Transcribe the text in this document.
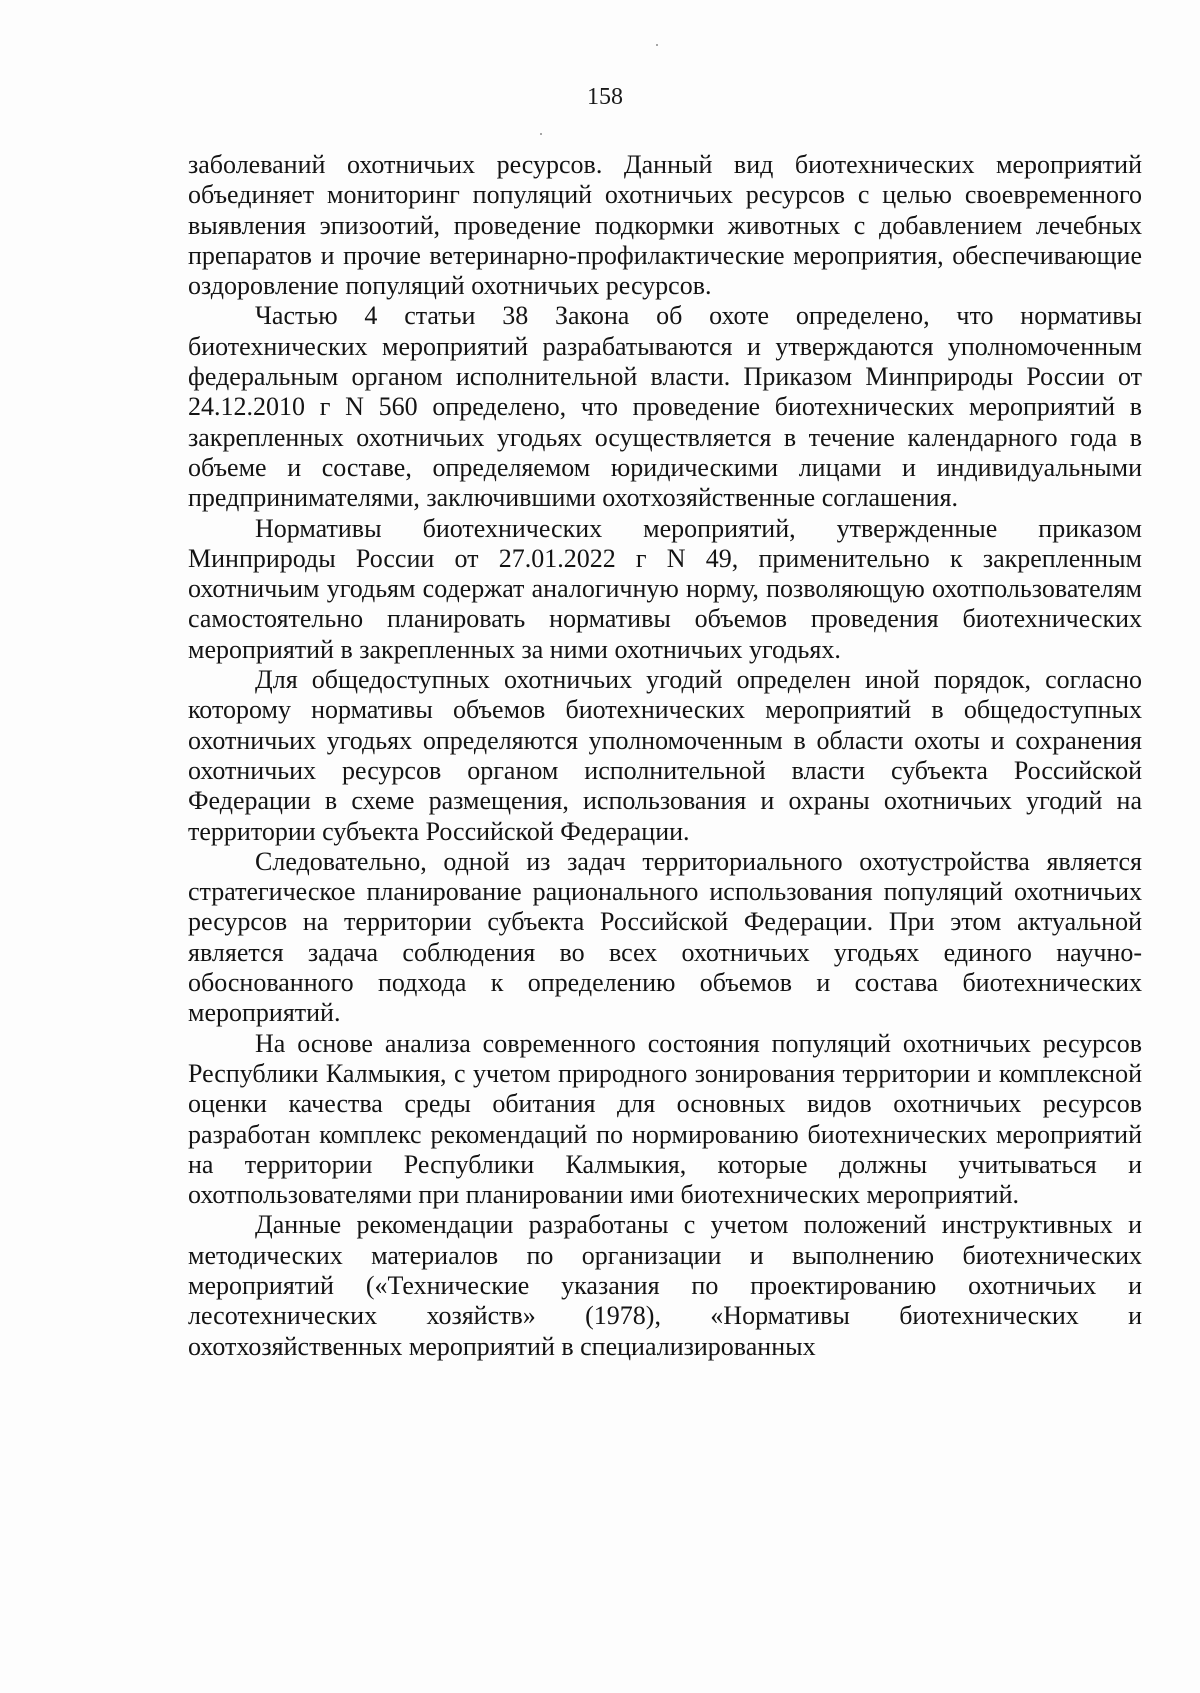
158

заболеваний охотничьих ресурсов. Данный вид биотехнических мероприятий объединяет мониторинг популяций охотничьих ресурсов с целью своевременного выявления эпизоотий, проведение подкормки животных с добавлением лечебных препаратов и прочие ветеринарно-профилактические мероприятия, обеспечивающие оздоровление популяций охотничьих ресурсов.

Частью 4 статьи 38 Закона об охоте определено, что нормативы биотехнических мероприятий разрабатываются и утверждаются уполномоченным федеральным органом исполнительной власти. Приказом Минприроды России от 24.12.2010 г N 560 определено, что проведение биотехнических мероприятий в закрепленных охотничьих угодьях осуществляется в течение календарного года в объеме и составе, определяемом юридическими лицами и индивидуальными предпринимателями, заключившими охотхозяйственные соглашения.

Нормативы биотехнических мероприятий, утвержденные приказом Минприроды России от 27.01.2022 г N 49, применительно к закрепленным охотничьим угодьям содержат аналогичную норму, позволяющую охотпользователям самостоятельно планировать нормативы объемов проведения биотехнических мероприятий в закрепленных за ними охотничьих угодьях.

Для общедоступных охотничьих угодий определен иной порядок, согласно которому нормативы объемов биотехнических мероприятий в общедоступных охотничьих угодьях определяются уполномоченным в области охоты и сохранения охотничьих ресурсов органом исполнительной власти субъекта Российской Федерации в схеме размещения, использования и охраны охотничьих угодий на территории субъекта Российской Федерации.

Следовательно, одной из задач территориального охотустройства является стратегическое планирование рационального использования популяций охотничьих ресурсов на территории субъекта Российской Федерации. При этом актуальной является задача соблюдения во всех охотничьих угодьях единого научно-обоснованного подхода к определению объемов и состава биотехнических мероприятий.

На основе анализа современного состояния популяций охотничьих ресурсов Республики Калмыкия, с учетом природного зонирования территории и комплексной оценки качества среды обитания для основных видов охотничьих ресурсов разработан комплекс рекомендаций по нормированию биотехнических мероприятий на территории Республики Калмыкия, которые должны учитываться и охотпользователями при планировании ими биотехнических мероприятий.

Данные рекомендации разработаны с учетом положений инструктивных и методических материалов по организации и выполнению биотехнических мероприятий («Технические указания по проектированию охотничьих и лесотехнических хозяйств» (1978), «Нормативы биотехнических и охотхозяйственных мероприятий в специализированных
